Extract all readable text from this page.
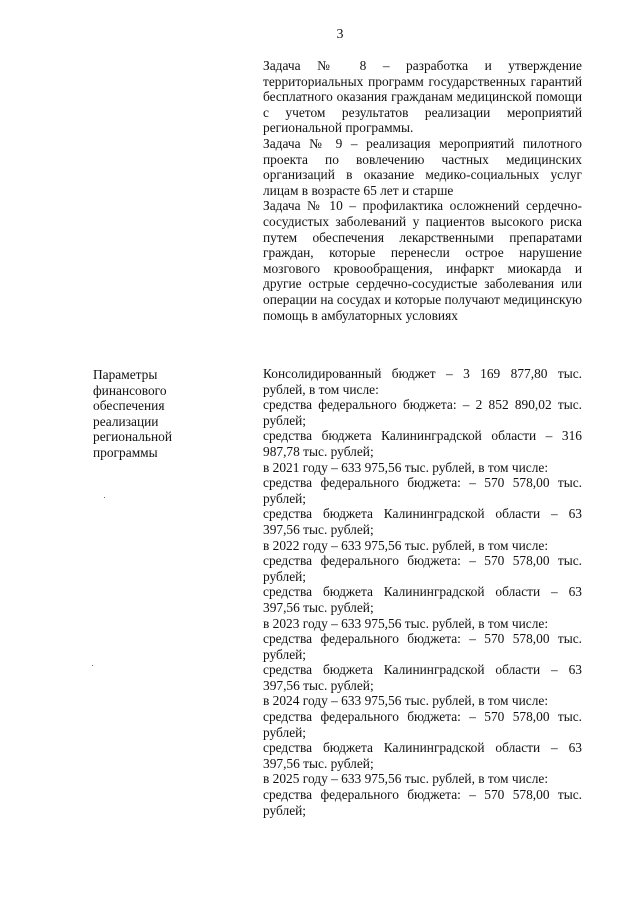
3

Задача № 8 – разработка и утверждение территориальных программ государственных гарантий бесплатного оказания гражданам медицинской помощи с учетом результатов реализации мероприятий региональной программы.

Задача № 9 – реализация мероприятий пилотного проекта по вовлечению частных медицинских организаций в оказание медико-социальных услуг лицам в возрасте 65 лет и старше

Задача № 10 – профилактика осложнений сердечно-сосудистых заболеваний у пациентов высокого риска путем обеспечения лекарственными препаратами граждан, которые перенесли острое нарушение мозгового кровообращения, инфаркт миокарда и другие острые сердечно-сосудистые заболевания или операции на сосудах и которые получают медицинскую помощь в амбулаторных условиях

Параметры
финансового
обеспечения
реализации
региональной
программы

Консолидированный бюджет – 3 169 877,80 тыс. рублей, в том числе:

средства федерального бюджета: – 2 852 890,02 тыс. рублей;

средства бюджета Калининградской области – 316 987,78 тыс. рублей;

в 2021 году – 633 975,56 тыс. рублей, в том числе:

средства федерального бюджета: – 570 578,00 тыс. рублей;

средства бюджета Калининградской области – 63 397,56 тыс. рублей;

в 2022 году – 633 975,56 тыс. рублей, в том числе:

средства федерального бюджета: – 570 578,00 тыс. рублей;

средства бюджета Калининградской области – 63 397,56 тыс. рублей;

в 2023 году – 633 975,56 тыс. рублей, в том числе:

средства федерального бюджета: – 570 578,00 тыс. рублей;

средства бюджета Калининградской области – 63 397,56 тыс. рублей;

в 2024 году – 633 975,56 тыс. рублей, в том числе:

средства федерального бюджета: – 570 578,00 тыс. рублей;

средства бюджета Калининградской области – 63 397,56 тыс. рублей;

в 2025 году – 633 975,56 тыс. рублей, в том числе:

средства федерального бюджета: – 570 578,00 тыс. рублей;
